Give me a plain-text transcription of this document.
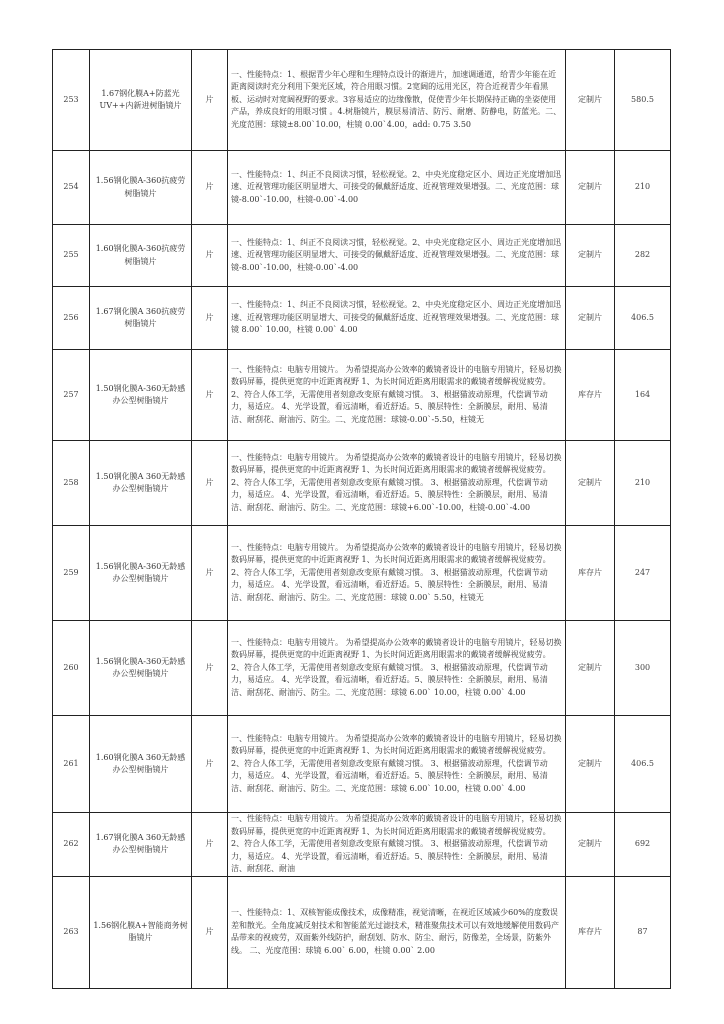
253	1.67钢化膜A+防蓝光UV++内新进树脂镜片	片	一、性能特点：1、根据青少年心理和生理特点设计的渐进片，加速调通道，给青少年能在近距离阅读时充分利用下架光区域，符合用眼习惯。2宽阔的远用光区，符合近视青少年看黑板、运动时对宽阔视野的要求。3容易适应的边缘像散，促使青少年长期保持正确的坐姿使用产品，养成良好的用眼习惯 。4.树脂镜片，膜层易清洁、防污、耐磨、防静电，防蓝光。二、光度范围：球镜±8.00`10.00，柱镜 0.00`4.00，add: 0.75 3.50	定制片	580.5
254	1.56钢化膜A-360抗疲劳树脂镜片	片	一、性能特点：1、纠正不良阅读习惯，轻松视觉。2、中央光度稳定区小、周边正光度增加迅速、近视管理功能区明显增大、可接受的佩戴舒适度、近视管理效果增强。二、光度范围：球镜-8.00`-10.00，柱镜-0.00`-4.00	定制片	210
255	1.60钢化膜A-360抗疲劳树脂镜片	片	一、性能特点：1、纠正不良阅读习惯，轻松视觉。2、中央光度稳定区小、周边正光度增加迅速、近视管理功能区明显增大、可接受的佩戴舒适度、近视管理效果增强。二、光度范围：球镜-8.00`-10.00，柱镜-0.00`-4.00	定制片	282
256	1.67钢化膜A 360抗疲劳树脂镜片	片	一、性能特点：1、纠正不良阅读习惯，轻松视觉。2、中央光度稳定区小、周边正光度增加迅速、近视管理功能区明显增大、可接受的佩戴舒适度、近视管理效果增强。二、光度范围：球镜 8.00` 10.00，柱镜 0.00` 4.00	定制片	406.5
257	1.50钢化膜A-360无龄感办公型树脂镜片	片	一、性能特点：电脑专用镜片。 为希望提高办公效率的戴镜者设计的电脑专用镜片，轻易切换数码屏幕，提供更宽的中近距离视野 1、为长时间近距离用眼需求的戴镜者缓解视觉疲劳。2、符合人体工学，无需使用者刻意改变原有戴镜习惯。 3、根据猫波动原理，代偿调节动力，易适应。 4、光学设置，看远清晰，看近舒适。5、膜层特性：全新膜层，耐用、易清洁、耐刮花、耐油污、防尘。二、光度范围：球镜-0.00`-5.50，柱镜无	库存片	164
258	1.50钢化膜A 360无龄感办公型树脂镜片	片	一、性能特点：电脑专用镜片。 为希望提高办公效率的戴镜者设计的电脑专用镜片，轻易切换数码屏幕，提供更宽的中近距离视野 1、为长时间近距离用眼需求的戴镜者缓解视觉疲劳。2、符合人体工学，无需使用者刻意改变原有戴镜习惯。 3、根据猫波动原理，代偿调节动力，易适应。 4、光学设置，看远清晰，看近舒适。5、膜层特性：全新膜层，耐用、易清洁、耐刮花、耐油污、防尘。二、光度范围：球镜+6.00`-10.00，柱镜-0.00`-4.00	定制片	210
259	1.56钢化膜A-360无龄感办公型树脂镜片	片	一、性能特点：电脑专用镜片。 为希望提高办公效率的戴镜者设计的电脑专用镜片，轻易切换数码屏幕，提供更宽的中近距离视野 1、为长时间近距离用眼需求的戴镜者缓解视觉疲劳。2、符合人体工学，无需使用者刻意改变原有戴镜习惯。 3、根据猫波动原理，代偿调节动力，易适应。 4、光学设置，看远清晰，看近舒适。5、膜层特性：全新膜层，耐用、易清洁、耐刮花、耐油污、防尘。二、光度范围：球镜 0.00` 5.50，柱镜无	库存片	247
260	1.56钢化膜A-360无龄感办公型树脂镜片	片	一、性能特点：电脑专用镜片。 为希望提高办公效率的戴镜者设计的电脑专用镜片，轻易切换数码屏幕，提供更宽的中近距离视野 1、为长时间近距离用眼需求的戴镜者缓解视觉疲劳。2、符合人体工学，无需使用者刻意改变原有戴镜习惯。 3、根据猫波动原理，代偿调节动力，易适应。 4、光学设置，看远清晰，看近舒适。5、膜层特性：全新膜层，耐用、易清洁、耐刮花、耐油污、防尘。二、光度范围：球镜 6.00` 10.00，柱镜 0.00` 4.00	定制片	300
261	1.60钢化膜A 360无龄感办公型树脂镜片	片	一、性能特点：电脑专用镜片。 为希望提高办公效率的戴镜者设计的电脑专用镜片，轻易切换数码屏幕，提供更宽的中近距离视野 1、为长时间近距离用眼需求的戴镜者缓解视觉疲劳。2、符合人体工学，无需使用者刻意改变原有戴镜习惯。 3、根据猫波动原理，代偿调节动力，易适应。 4、光学设置，看远清晰，看近舒适。5、膜层特性：全新膜层，耐用、易清洁、耐刮花、耐油污、防尘。二、光度范围：球镜 6.00` 10.00，柱镜 0.00` 4.00	定制片	406.5
262	1.67钢化膜A 360无龄感办公型树脂镜片	片	一、性能特点：电脑专用镜片。 为希望提高办公效率的戴镜者设计的电脑专用镜片，轻易切换数码屏幕，提供更宽的中近距离视野 1、为长时间近距离用眼需求的戴镜者缓解视觉疲劳。2、符合人体工学，无需使用者刻意改变原有戴镜习惯。 3、根据猫波动原理，代偿调节动力，易适应。 4、光学设置，看远清晰，看近舒适。5、膜层特性：全新膜层，耐用、易清洁、耐刮花、耐油	定制片	692
263	1.56钢化膜A+智能商务树脂镜片	片	一、性能特点：1、双核智能成像技术，成像精准，视觉清晰，在视近区域减少60%的度数误差和散光。全角度减反射技术和智能蓝光过滤技术，精准聚焦技术可以有效地缓解使用数码产品带来的视疲劳，双面紫外线防护，耐刮划、防水、防尘、耐污，防像差，全场景，防紫外线。 二、光度范围：球镜 6.00` 6.00，柱镜 0.00` 2.00	库存片	87
